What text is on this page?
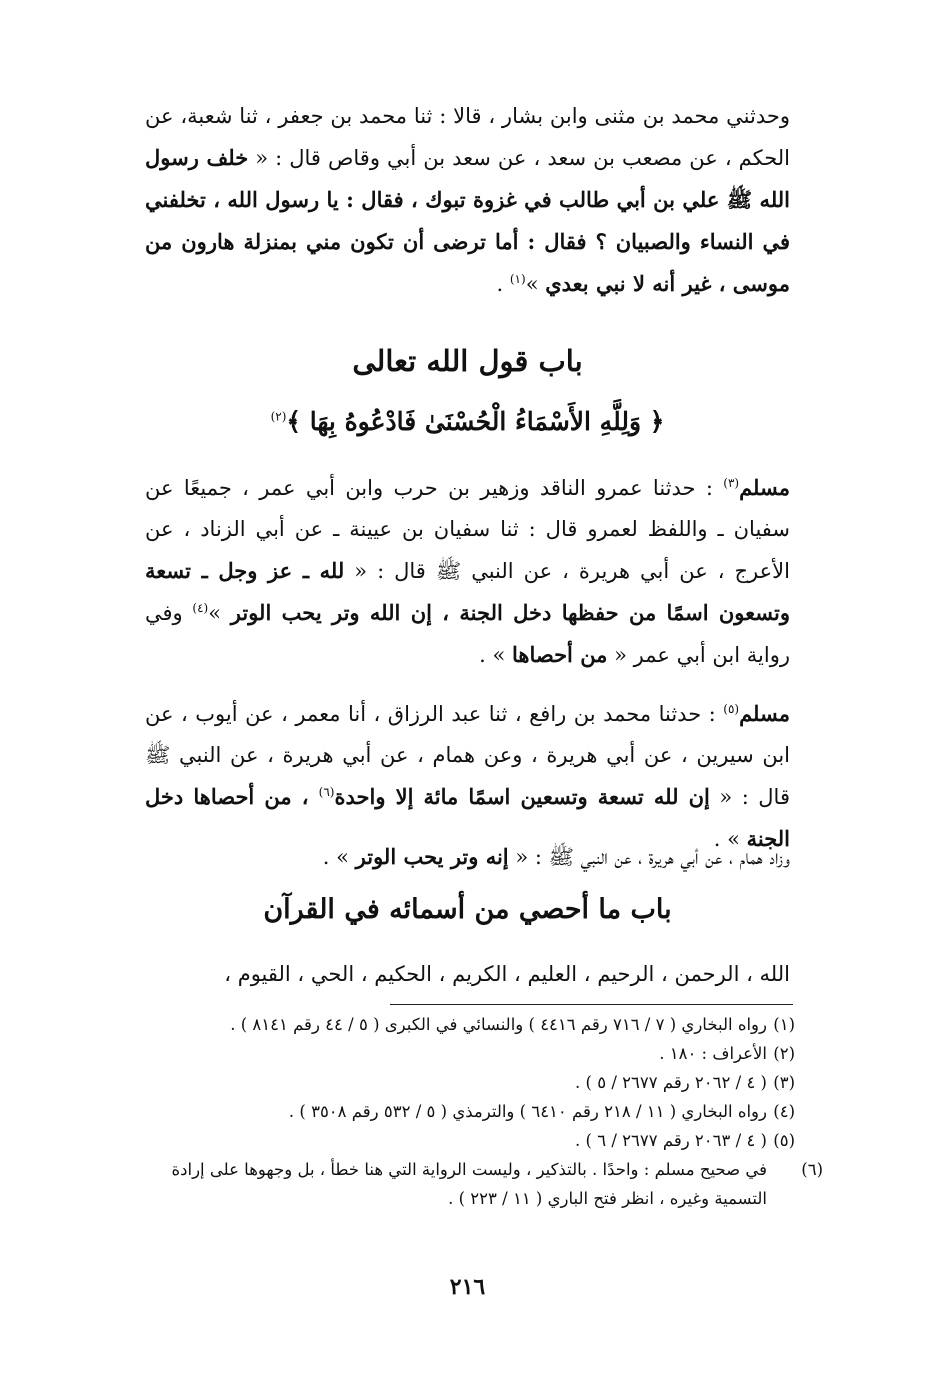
وحدثني محمد بن مثنى وابن بشار ، قالا : ثنا محمد بن جعفر ، ثنا شعبة، عن الحكم ، عن مصعب بن سعد ، عن سعد بن أبي وقاص قال : « خلف رسول الله ﷺ علي بن أبي طالب في غزوة تبوك ، فقال : يا رسول الله ، تخلفني في النساء والصبيان ؟ فقال : أما ترضى أن تكون مني بمنزلة هارون من موسى ، غير أنه لا نبي بعدي »$^{(١)}$ .

باب قول الله تعالى
﴿ وَلِلَّهِ الأَسْمَاءُ الْحُسْنَىٰ فَادْعُوهُ بِهَا ﴾$^{(٢)}$

مسلم$^{(٣)}$ : حدثنا عمرو الناقد وزهير بن حرب وابن أبي عمر ، جميعًا عن سفيان ـ واللفظ لعمرو قال : ثنا سفيان بن عيينة ـ عن أبي الزناد ، عن الأعرج ، عن أبي هريرة ، عن النبي ﷺ قال : « لله ـ عز وجل ـ تسعة وتسعون اسمًا من حفظها دخل الجنة ، إن الله وتر يحب الوتر »$^{(٤)}$ وفي رواية ابن أبي عمر « من أحصاها » .

مسلم$^{(٥)}$ : حدثنا محمد بن رافع ، ثنا عبد الرزاق ، أنا معمر ، عن أيوب ، عن ابن سيرين ، عن أبي هريرة ، وعن همام ، عن أبي هريرة ، عن النبي ﷺ قال : « إن لله تسعة وتسعين اسمًا مائة إلا واحدة$^{(٦)}$ ، من أحصاها دخل الجنة » .

وزاد همام ، عن أبي هريرة ، عن النبي ﷺ : « إنه وتر يحب الوتر » .

باب ما أحصي من أسمائه في القرآن

الله ، الرحمن ، الرحيم ، العليم ، الكريم ، الحكيم ، الحي ، القيوم ،

(١)رواه البخاري ( ٧ / ٧١٦ رقم ٤٤١٦ ) والنسائي في الكبرى ( ٥ / ٤٤ رقم ٨١٤١ ) .

(٢)الأعراف : ١٨٠ .

(٣)( ٤ / ٢٠٦٢ رقم ٢٦٧٧ / ٥ ) .

(٤)رواه البخاري ( ١١ / ٢١٨ رقم ٦٤١٠ ) والترمذي ( ٥ / ٥٣٢ رقم ٣٥٠٨ ) .

(٥)( ٤ / ٢٠٦٣ رقم ٢٦٧٧ / ٦ ) .

(٦)في صحيح مسلم : واحدًا . بالتذكير ، وليست الرواية التي هنا خطأ ، بل وجهوها على إرادة التسمية وغيره ، انظر فتح الباري ( ١١ / ٢٢٣ ) .

٢١٦
